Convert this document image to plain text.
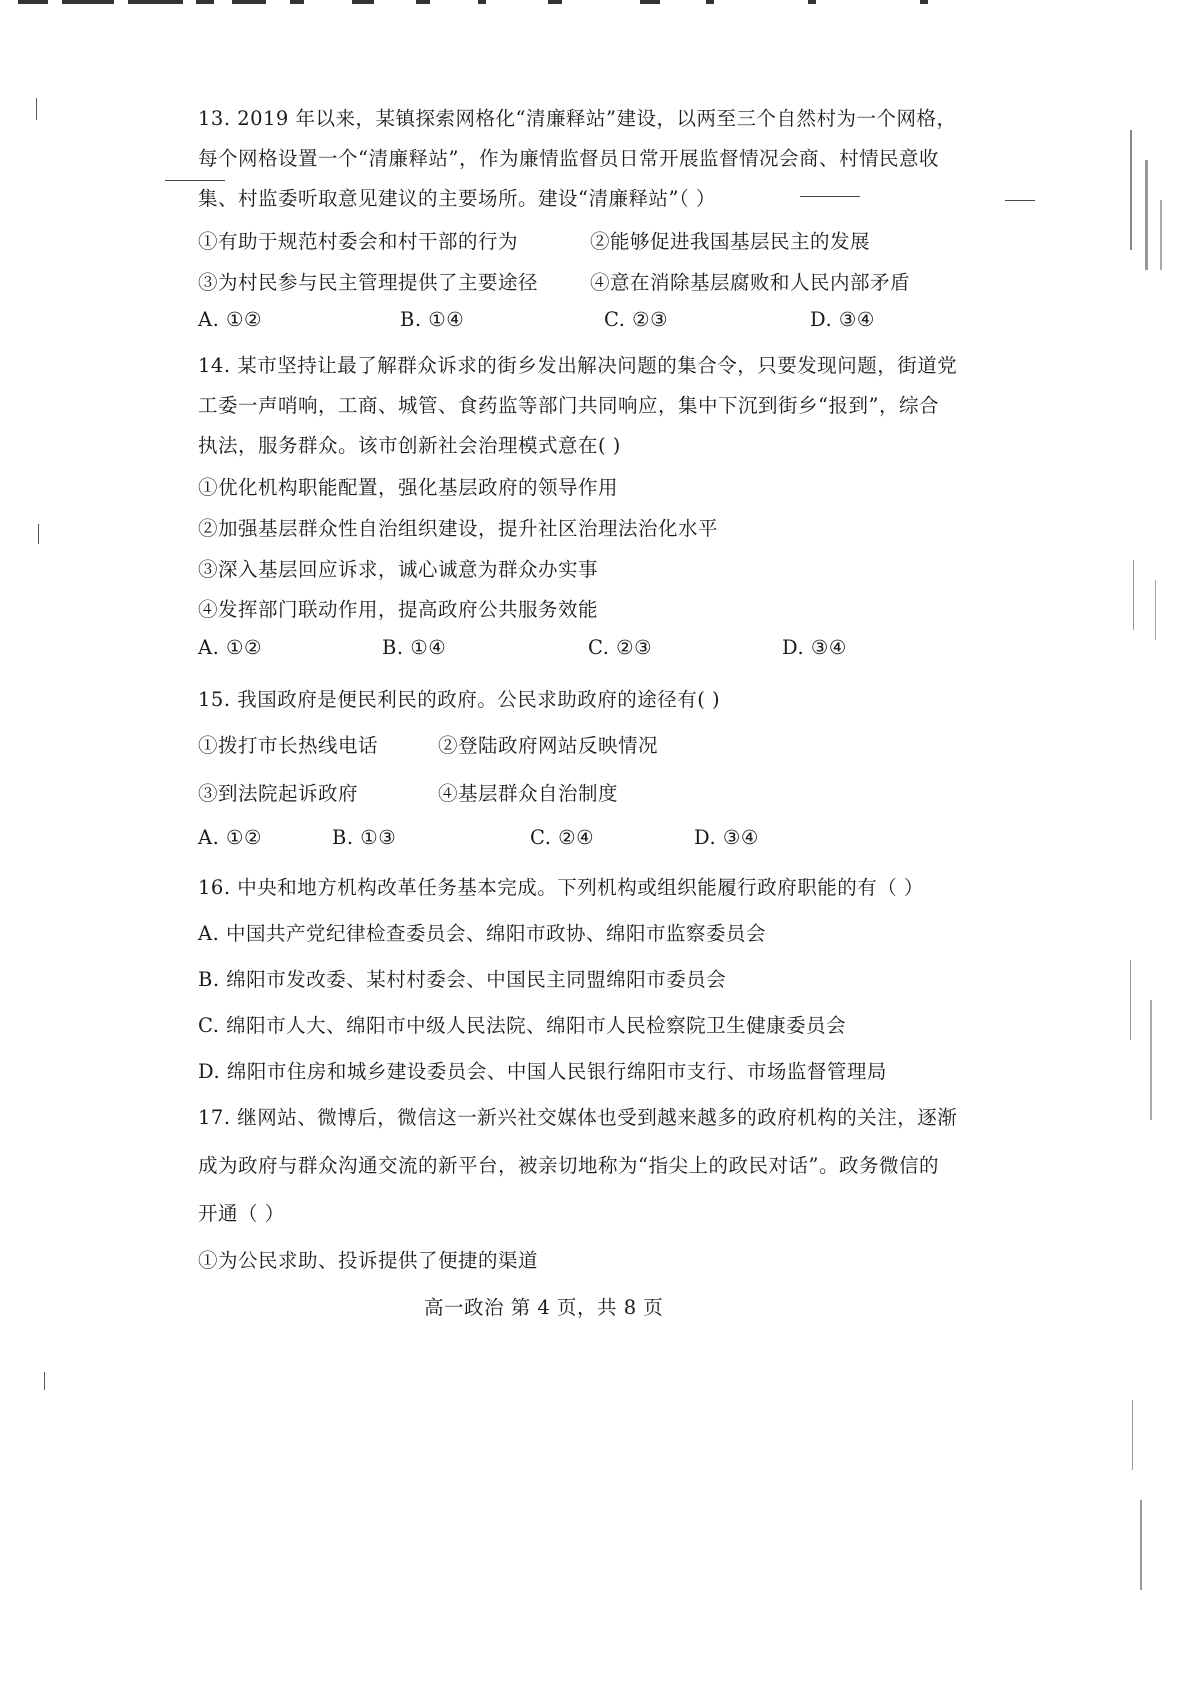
13. 2019 年以来，某镇探索网格化“清廉释站”建设，以两至三个自然村为一个网格，
每个网格设置一个“清廉释站”，作为廉情监督员日常开展监督情况会商、村情民意收
集、村监委听取意见建议的主要场所。建设“清廉释站”（ ）
①有助于规范村委会和村干部的行为	②能够促进我国基层民主的发展
③为村民参与民主管理提供了主要途径	④意在消除基层腐败和人民内部矛盾
A. ①②	B. ①④	C. ②③	D. ③④
14. 某市坚持让最了解群众诉求的街乡发出解决问题的集合令，只要发现问题，街道党
工委一声哨响，工商、城管、食药监等部门共同响应，集中下沉到街乡“报到”，综合
执法，服务群众。该市创新社会治理模式意在( )
①优化机构职能配置，强化基层政府的领导作用
②加强基层群众性自治组织建设，提升社区治理法治化水平
③深入基层回应诉求，诚心诚意为群众办实事
④发挥部门联动作用，提高政府公共服务效能
A. ①②	B. ①④	C. ②③	D. ③④
15. 我国政府是便民利民的政府。公民求助政府的途径有( )
①拨打市长热线电话	②登陆政府网站反映情况
③到法院起诉政府	④基层群众自治制度
A. ①②	B. ①③	C. ②④	D. ③④
16. 中央和地方机构改革任务基本完成。下列机构或组织能履行政府职能的有（ ）
A. 中国共产党纪律检查委员会、绵阳市政协、绵阳市监察委员会
B. 绵阳市发改委、某村村委会、中国民主同盟绵阳市委员会
C. 绵阳市人大、绵阳市中级人民法院、绵阳市人民检察院卫生健康委员会
D. 绵阳市住房和城乡建设委员会、中国人民银行绵阳市支行、市场监督管理局
17. 继网站、微博后，微信这一新兴社交媒体也受到越来越多的政府机构的关注，逐渐
成为政府与群众沟通交流的新平台，被亲切地称为“指尖上的政民对话”。政务微信的
开通（ ）
①为公民求助、投诉提供了便捷的渠道
高一政治 第 4 页，共 8 页
